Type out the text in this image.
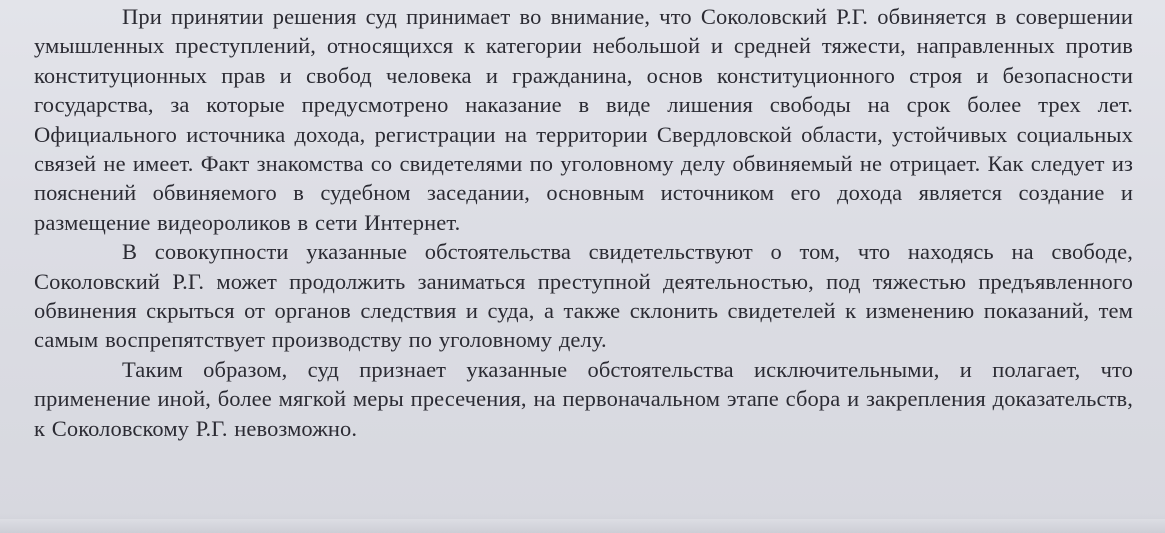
При принятии решения суд принимает во внимание, что Соколовский Р.Г. обвиняется в совершении умышленных преступлений, относящихся к категории небольшой и средней тяжести, направленных против конституционных прав и свобод человека и гражданина, основ конституционного строя и безопасности государства, за которые предусмотрено наказание в виде лишения свободы на срок более трех лет. Официального источника дохода, регистрации на территории Свердловской области, устойчивых социальных связей не имеет. Факт знакомства со свидетелями по уголовному делу обвиняемый не отрицает. Как следует из пояснений обвиняемого в судебном заседании, основным источником его дохода является создание и размещение видеороликов в сети Интернет.

В совокупности указанные обстоятельства свидетельствуют о том, что находясь на свободе, Соколовский Р.Г. может продолжить заниматься преступной деятельностью, под тяжестью предъявленного обвинения скрыться от органов следствия и суда, а также склонить свидетелей к изменению показаний, тем самым воспрепятствует производству по уголовному делу.

Таким образом, суд признает указанные обстоятельства исключительными, и полагает, что применение иной, более мягкой меры пресечения, на первоначальном этапе сбора и закрепления доказательств, к Соколовскому Р.Г. невозможно.
